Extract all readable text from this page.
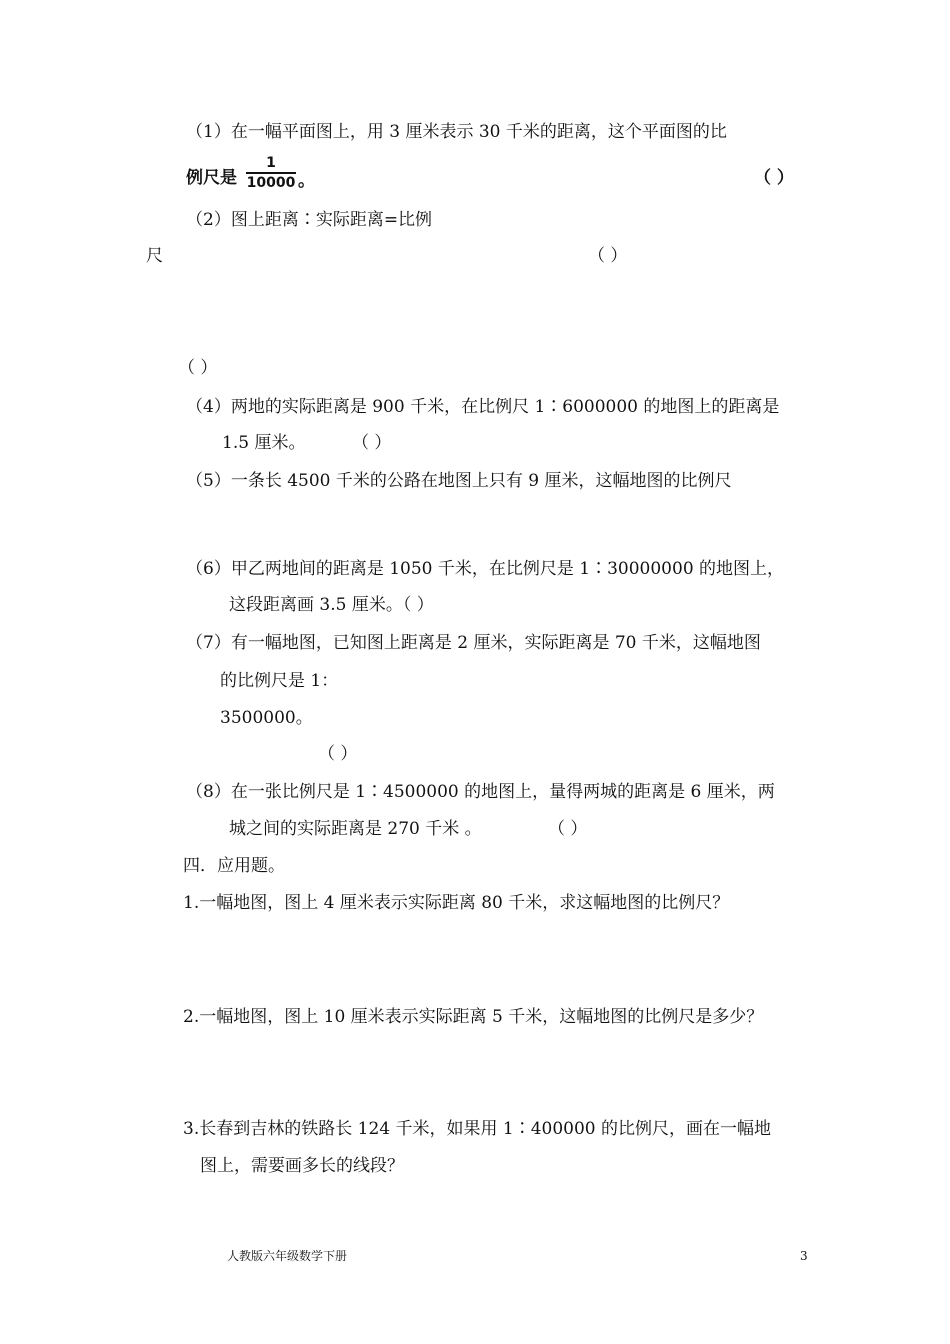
（1）在一幅平面图上，用 3 厘米表示 30 千米的距离，这个平面图的比
例尺是
1
10000 。	（ ）
（2）图上距离∶实际距离=比例
尺	（ ）
（ ）
（4）两地的实际距离是 900 千米，在比例尺 1∶6000000 的地图上的距离是
1.5 厘米。	（ ）
（5）一条长 4500 千米的公路在地图上只有 9 厘米，这幅地图的比例尺
（6）甲乙两地间的距离是 1050 千米，在比例尺是 1∶30000000 的地图上，
这段距离画 3.5 厘米。（ ）
（7）有一幅地图，已知图上距离是 2 厘米，实际距离是 70 千米，这幅地图
的比例尺是 1：
3500000。
（ ）
（8）在一张比例尺是 1∶4500000 的地图上，量得两城的距离是 6 厘米，两
城之间的实际距离是 270 千米 。	（ ）
四．应用题。
1.一幅地图，图上 4 厘米表示实际距离 80 千米，求这幅地图的比例尺？
2.一幅地图，图上 10 厘米表示实际距离 5 千米，这幅地图的比例尺是多少？
3.长春到吉林的铁路长 124 千米，如果用 1∶400000 的比例尺，画在一幅地
图上，需要画多长的线段？
人教版六年级数学下册	3
